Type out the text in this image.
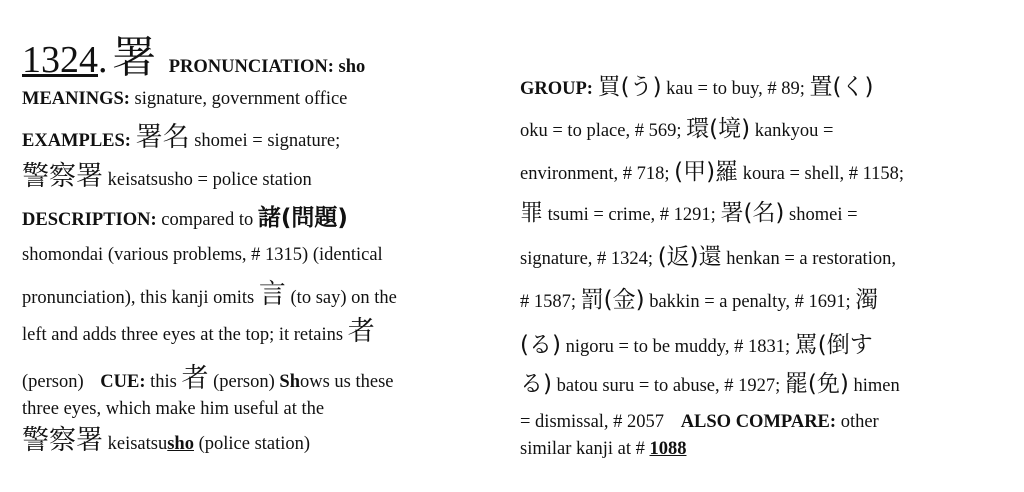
1324. 署 PRONUNCIATION: sho
MEANINGS: signature, government office
EXAMPLES: 署名 shomei = signature;
警察署 keisatsusho = police station
DESCRIPTION: compared to 諸(問題)
shomondai (various problems, # 1315) (identical
pronunciation), this kanji omits 言 (to say) on the
left and adds three eyes at the top; it retains 者
(person) CUE: this 者 (person) Shows us these
three eyes, which make him useful at the
警察署 keisatsusho (police station)
GROUP: 買(う) kau = to buy, # 89; 置(く)
oku = to place, # 569; 環(境) kankyou =
environment, # 718; (甲)羅 koura = shell, # 1158;
罪 tsumi = crime, # 1291; 署(名) shomei =
signature, # 1324; (返)還 henkan = a restoration,
# 1587; 罰(金) bakkin = a penalty, # 1691; 濁
(る) nigoru = to be muddy, # 1831; 罵(倒す
る) batou suru = to abuse, # 1927; 罷(免) himen
= dismissal, # 2057 ALSO COMPARE: other
similar kanji at # 1088
